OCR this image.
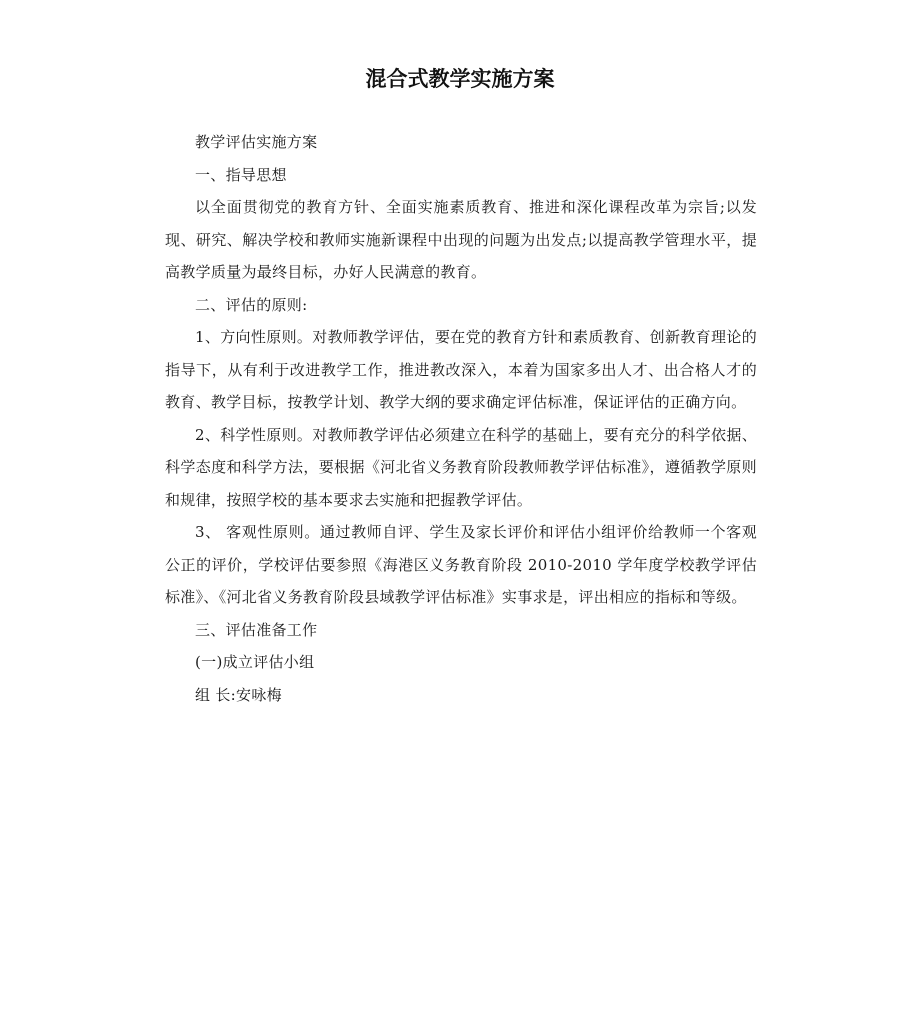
混合式教学实施方案

教学评估实施方案

一、指导思想

以全面贯彻党的教育方针、全面实施素质教育、推进和深化课程改革为宗旨;以发现、研究、解决学校和教师实施新课程中出现的问题为出发点;以提高教学管理水平，提高教学质量为最终目标，办好人民满意的教育。

二、评估的原则:

1、方向性原则。对教师教学评估，要在党的教育方针和素质教育、创新教育理论的指导下，从有利于改进教学工作，推进教改深入，本着为国家多出人才、出合格人才的教育、教学目标，按教学计划、教学大纲的要求确定评估标准，保证评估的正确方向。

2、科学性原则。对教师教学评估必须建立在科学的基础上，要有充分的科学依据、科学态度和科学方法，要根据《河北省义务教育阶段教师教学评估标准》，遵循教学原则和规律，按照学校的基本要求去实施和把握教学评估。

3、 客观性原则。通过教师自评、学生及家长评价和评估小组评价给教师一个客观公正的评价，学校评估要参照《海港区义务教育阶段 2010-2010 学年度学校教学评估标准》、《河北省义务教育阶段县域教学评估标准》实事求是，评出相应的指标和等级。

三、评估准备工作

(一)成立评估小组

组 长:安咏梅
